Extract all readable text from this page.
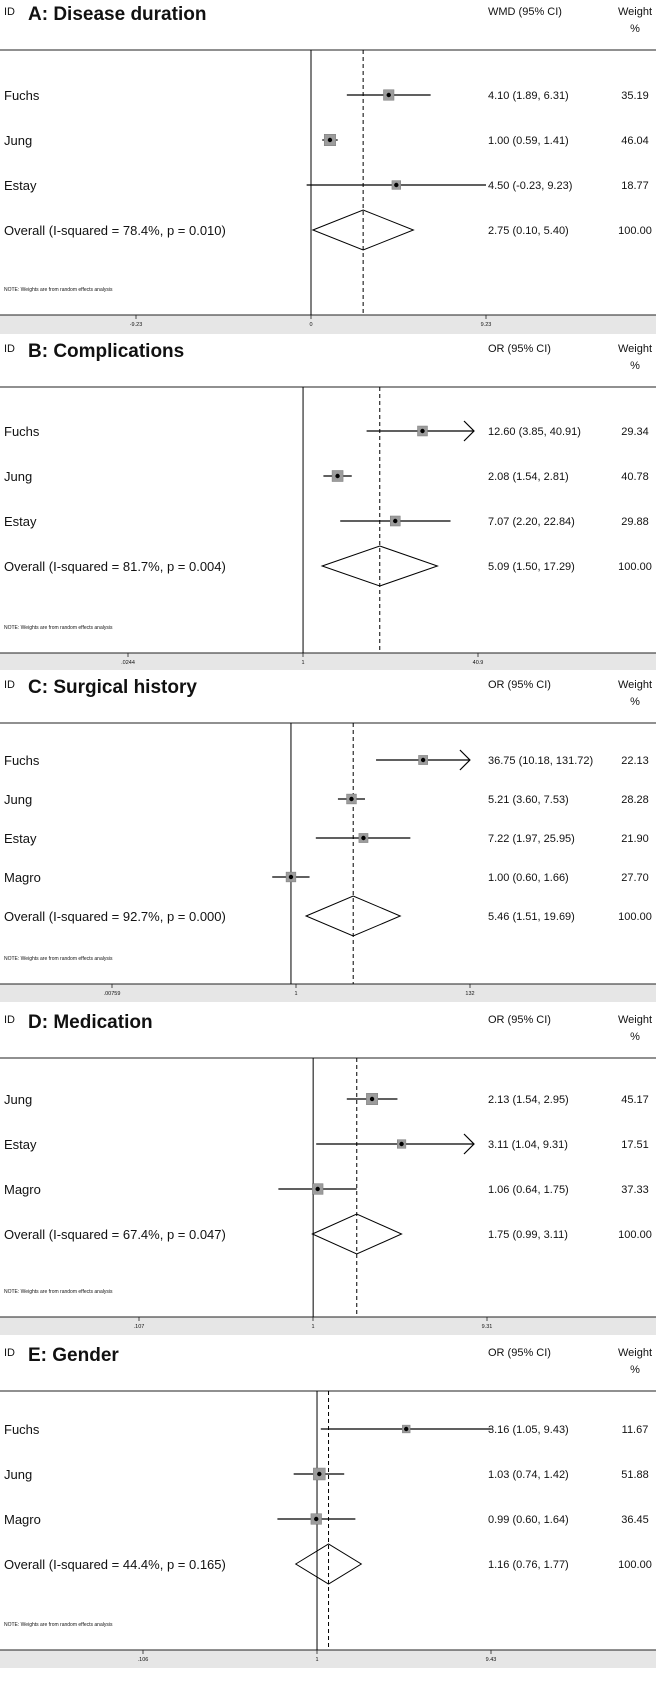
ID A: Disease duration	WMD (95% CI)	Weight
%
-9.23	0	9.23
Fuchs	4.10 (1.89, 6.31)	35.19
Jung	1.00 (0.59, 1.41)	46.04
Estay	4.50 (-0.23, 9.23)	18.77
Overall (I-squared = 78.4%, p = 0.010)	2.75 (0.10, 5.40)	100.00
NOTE: Weights are from random effects analysis
ID B: Complications	OR (95% CI)	Weight
%
.0244	1	40.9
Fuchs	12.60 (3.85, 40.91)	29.34
Jung	2.08 (1.54, 2.81)	40.78
Estay	7.07 (2.20, 22.84)	29.88
Overall (I-squared = 81.7%, p = 0.004)	5.09 (1.50, 17.29)	100.00
NOTE: Weights are from random effects analysis
ID C: Surgical history	OR (95% CI)	Weight
%
.00759	1	132
Fuchs	36.75 (10.18, 131.72)	22.13
Jung	5.21 (3.60, 7.53)	28.28
Estay	7.22 (1.97, 25.95)	21.90
Magro	1.00 (0.60, 1.66)	27.70
Overall (I-squared = 92.7%, p = 0.000)	5.46 (1.51, 19.69)	100.00
NOTE: Weights are from random effects analysis
ID D: Medication	OR (95% CI)	Weight
%
.107	1	9.31
Jung	2.13 (1.54, 2.95)	45.17
Estay	3.11 (1.04, 9.31)	17.51
Magro	1.06 (0.64, 1.75)	37.33
Overall (I-squared = 67.4%, p = 0.047)	1.75 (0.99, 3.11)	100.00
NOTE: Weights are from random effects analysis
ID E: Gender	OR (95% CI)	Weight
%
.106	1	9.43
Fuchs	3.16 (1.05, 9.43)	11.67
Jung	1.03 (0.74, 1.42)	51.88
Magro	0.99 (0.60, 1.64)	36.45
Overall (I-squared = 44.4%, p = 0.165)	1.16 (0.76, 1.77)	100.00
NOTE: Weights are from random effects analysis
